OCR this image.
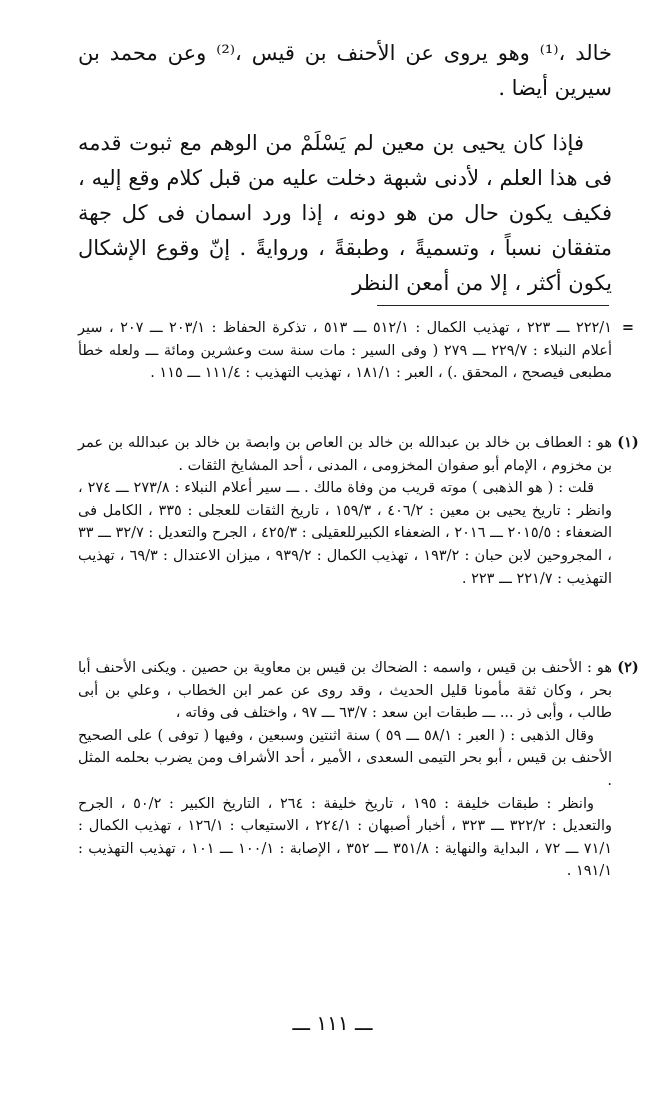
خالد ،⁽¹⁾ وهو يروى عن الأحنف بن قيس ،⁽²⁾ وعن محمد بن سيرين أيضا .

فإذا كان يحيى بن معين لم يَسْلَمْ من الوهم مع ثبوت قدمه فى هذا العلم ، لأدنى شبهة دخلت عليه من قبل كلام وقع إليه ، فكيف يكون حال من هو دونه ، إذا ورد اسمان فى كل جهة متفقان نسباً ، وتسميةً ، وطبقةً ، وروايةً . إنّ وقوع الإشكال يكون أكثر ، إلا من أمعن النظر

=

٢٢٢/١ ـــ ٢٢٣ ، تهذيب الكمال : ٥١٢/١ ـــ ٥١٣ ، تذكرة الحفاظ : ٢٠٣/١ ـــ ٢٠٧ ، سير أعلام النبلاء : ٢٢٩/٧ ـــ ٢٧٩ ( وفى السير : مات سنة ست وعشرين ومائة ـــ ولعله خطأ مطبعى فيصحح ، المحقق .) ، العبر : ١٨١/١ ، تهذيب التهذيب : ١١١/٤ ـــ ١١٥ .

(١)

هو : العطاف بن خالد بن عبدالله بن خالد بن العاص بن وابصة بن خالد بن عبدالله بن عمر بن مخزوم ، الإمام أبو صفوان المخزومى ، المدنى ، أحد المشايخ الثقات .

قلت : ( هو الذهبى ) موته قريب من وفاة مالك . ـــ سير أعلام النبلاء : ٢٧٣/٨ ـــ ٢٧٤ ، وانظر : تاريخ يحيى بن معين : ٤٠٦/٢ ، ١٥٩/٣ ، تاريخ الثقات للعجلى : ٣٣٥ ، الكامل فى الضعفاء : ٢٠١٥/٥ ـــ ٢٠١٦ ، الضعفاء الكبيرللعقيلى : ٤٢٥/٣ ، الجرح والتعديل : ٣٢/٧ ـــ ٣٣ ، المجروحين لابن حبان : ١٩٣/٢ ، تهذيب الكمال : ٩٣٩/٢ ، ميزان الاعتدال : ٦٩/٣ ، تهذيب التهذيب : ٢٢١/٧ ـــ ٢٢٣ .

(٢)

هو : الأحنف بن قيس ، واسمه : الضحاك بن قيس بن معاوية بن حصين . ويكنى الأحنف أبا بحر ، وكان ثقة مأمونا قليل الحديث ، وقد روى عن عمر ابن الخطاب ، وعلي بن أبى طالب ، وأبى ذر ... ـــ طبقات ابن سعد : ٦٣/٧ ـــ ٩٧ ، واختلف فى وفاته ،

وقال الذهبى : ( العبر : ٥٨/١ ـــ ٥٩ ) سنة اثنتين وسبعين ، وفيها ( توفى ) على الصحيح الأحنف بن قيس ، أبو بحر التيمى السعدى ، الأمير ، أحد الأشراف ومن يضرب بحلمه المثل .

وانظر : طبقات خليفة : ١٩٥ ، تاريخ خليفة : ٢٦٤ ، التاريخ الكبير : ٥٠/٢ ، الجرح والتعديل : ٣٢٢/٢ ـــ ٣٢٣ ، أخبار أصبهان : ٢٢٤/١ ، الاستيعاب : ١٢٦/١ ، تهذيب الكمال : ٧١/١ ـــ ٧٢ ، البداية والنهاية : ٣٥١/٨ ـــ ٣٥٢ ، الإصابة : ١٠٠/١ ـــ ١٠١ ، تهذيب التهذيب : ١٩١/١ .

ـــ ١١١ ـــ
